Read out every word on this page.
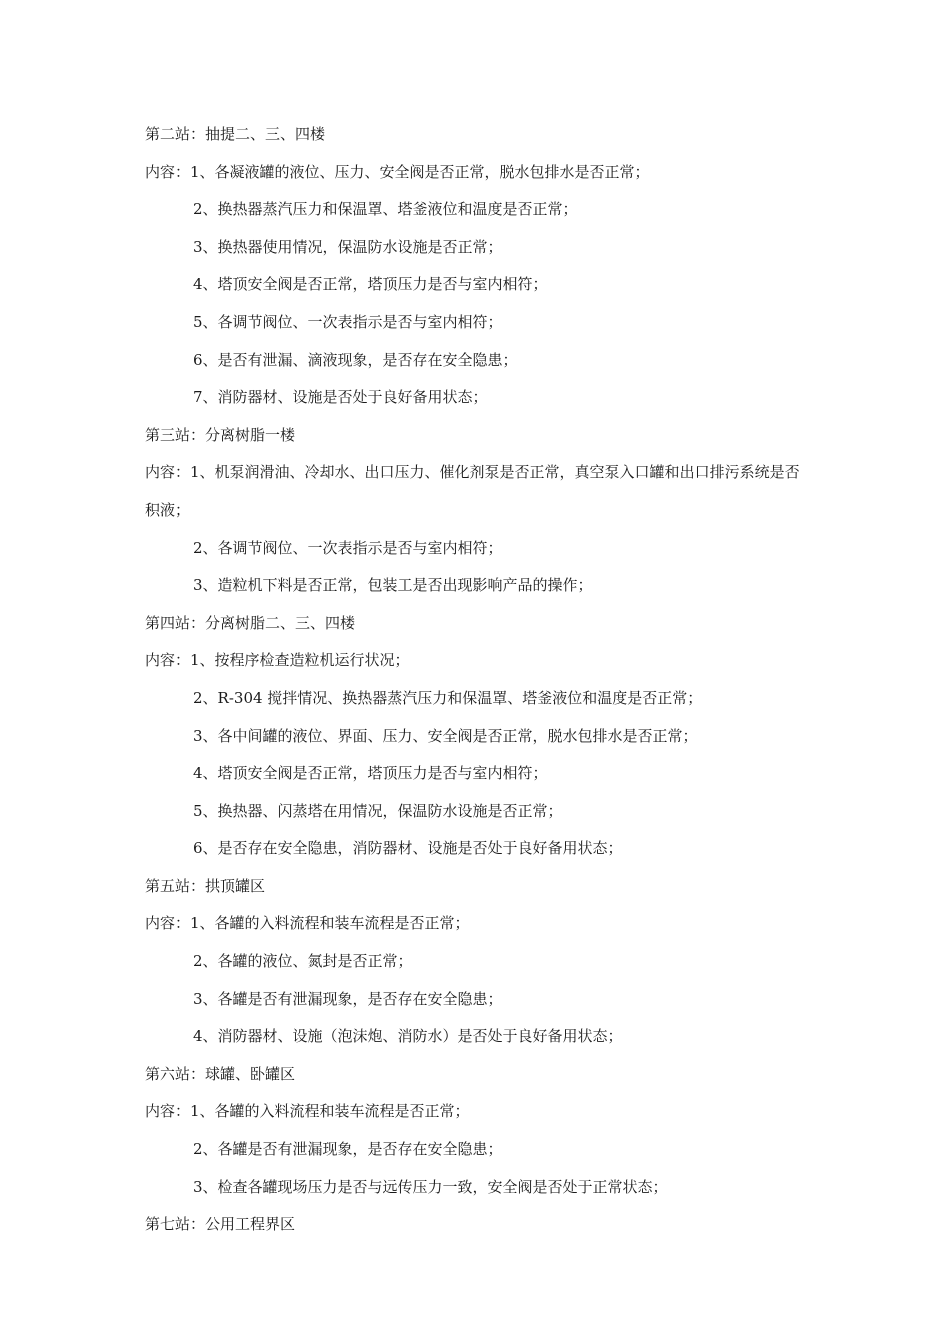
第二站：抽提二、三、四楼
内容：1、各凝液罐的液位、压力、安全阀是否正常，脱水包排水是否正常；
2、换热器蒸汽压力和保温罩、塔釜液位和温度是否正常；
3、换热器使用情况，保温防水设施是否正常；
4、塔顶安全阀是否正常，塔顶压力是否与室内相符；
5、各调节阀位、一次表指示是否与室内相符；
6、是否有泄漏、滴液现象，是否存在安全隐患；
7、消防器材、设施是否处于良好备用状态；
第三站：分离树脂一楼
内容：1、机泵润滑油、冷却水、出口压力、催化剂泵是否正常，真空泵入口罐和出口排污系统是否积液；
2、各调节阀位、一次表指示是否与室内相符；
3、造粒机下料是否正常，包装工是否出现影响产品的操作；
第四站：分离树脂二、三、四楼
内容：1、按程序检查造粒机运行状况；
2、R-304 搅拌情况、换热器蒸汽压力和保温罩、塔釜液位和温度是否正常；
3、各中间罐的液位、界面、压力、安全阀是否正常，脱水包排水是否正常；
4、塔顶安全阀是否正常，塔顶压力是否与室内相符；
5、换热器、闪蒸塔在用情况，保温防水设施是否正常；
6、是否存在安全隐患，消防器材、设施是否处于良好备用状态；
第五站：拱顶罐区
内容：1、各罐的入料流程和装车流程是否正常；
2、各罐的液位、氮封是否正常；
3、各罐是否有泄漏现象，是否存在安全隐患；
4、消防器材、设施（泡沫炮、消防水）是否处于良好备用状态；
第六站：球罐、卧罐区
内容：1、各罐的入料流程和装车流程是否正常；
2、各罐是否有泄漏现象，是否存在安全隐患；
3、检查各罐现场压力是否与远传压力一致，安全阀是否处于正常状态；
第七站：公用工程界区
